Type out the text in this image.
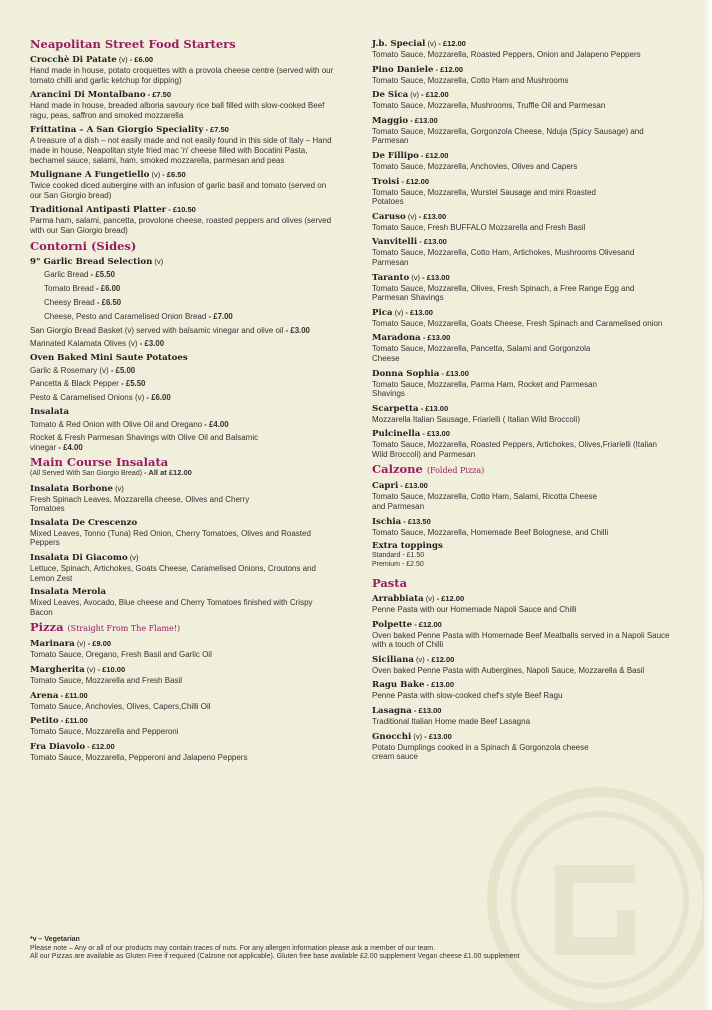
Neapolitan Street Food Starters
Crocchè Di Patate (v) - £6.00
Hand made in house, potato croquettes with a provola cheese centre (served with our tomato chilli and garlic ketchup for dipping)
Arancini Di Montalbano - £7.50
Hand made in house, breaded alboria savoury rice ball filled with slow-cooked Beef ragu, peas, saffron and smoked mozzarella
Frittatina – A San Giorgio Speciality - £7.50
A treasure of a dish – not easily made and not easily found in this side of Italy – Hand made in house, Neapolitan style fried mac 'n' cheese filled with Bocatini Pasta, bechamel sauce, salami, ham, smoked mozzarella, parmesan and peas
Mulignane A Fungetiello (v) - £6.50
Twice cooked diced aubergine with an infusion of garlic basil and tomato (served on our San Giorgio bread)
Traditional Antipasti Platter - £10.50
Parma ham, salami, pancetta, provolone cheese, roasted peppers and olives (served with our San Giorgio bread)
Contorni (Sides)
9" Garlic Bread Selection (v)
Garlic Bread - £5.50
Tomato Bread - £6.00
Cheesy Bread - £6.50
Cheese, Pesto and Caramelised Onion Bread - £7.00
San Giorgio Bread Basket (v) served with balsamic vinegar and olive oil - £3.00
Marinated Kalamata Olives (v) - £3.00
Oven Baked Mini Saute Potatoes
Garlic & Rosemary (v) - £5.00
Pancetta & Black Pepper - £5.50
Pesto & Caramelised Onions (v) - £6.00
Insalata
Tomato & Red Onion with Olive Oil and Oregano - £4.00
Rocket & Fresh Parmesan Shavings with Olive Oil and Balsamic vinegar - £4.00
Main Course Insalata
(All Served With San Giorgio Bread) - All at £12.00
Insalata Borbone (v)
Fresh Spinach Leaves, Mozzarella cheese, Olives and Cherry Tomatoes
Insalata De Crescenzo
Mixed Leaves, Tonno (Tuna) Red Onion, Cherry Tomatoes, Olives and Roasted Peppers
Insalata Di Giacomo (v)
Lettuce, Spinach, Artichokes, Goats Cheese, Caramelised Onions, Croutons and Lemon Zest
Insalata Merola
Mixed Leaves, Avocado, Blue cheese and Cherry Tomatoes finished with Crispy Bacon
Pizza (Straight From The Flame!)
Marinara (v) - £9.00
Tomato Sauce, Oregano, Fresh Basil and Garlic Oil
Margherita (v) - £10.00
Tomato Sauce, Mozzarella and Fresh Basil
Arena - £11.00
Tomato Sauce, Anchovies, Olives, Capers,Chilli Oil
Petito - £11.00
Tomato Sauce, Mozzarella and Pepperoni
Fra Diavolo - £12.00
Tomato Sauce, Mozzarella, Pepperoni and Jalapeno Peppers
J.b. Special (v) - £12.00
Tomato Sauce, Mozzarella, Roasted Peppers, Onion and Jalapeno Peppers
Pino Daniele - £12.00
Tomato Sauce, Mozzarella, Cotto Ham and Mushrooms
De Sica (v) - £12.00
Tomato Sauce, Mozzarella, Mushrooms, Truffle Oil and Parmesan
Maggio - £13.00
Tomato Sauce, Mozzarella, Gorgonzola Cheese, Nduja (Spicy Sausage) and Parmesan
De Fillipo - £12.00
Tomato Sauce, Mozzarella, Anchovies, Olives and Capers
Troisi - £12.00
Tomato Sauce, Mozzarella, Wurstel Sausage and mini Roasted Potatoes
Caruso (v) - £13.00
Tomato Sauce, Fresh BUFFALO Mozzarella and Fresh Basil
Vanvitelli - £13.00
Tomato Sauce, Mozzarella, Cotto Ham, Artichokes, Mushrooms Olivesand Parmesan
Taranto (v) - £13.00
Tomato Sauce, Mozzarella, Olives, Fresh Spinach, a Free Range Egg and Parmesan Shavings
Pica (v) - £13.00
Tomato Sauce, Mozzarella, Goats Cheese, Fresh Spinach and Caramelised onion
Maradona - £13.00
Tomato Sauce, Mozzarella, Pancetta, Salami and Gorgonzola Cheese
Donna Sophia - £13.00
Tomato Sauce, Mozzarella, Parma Ham, Rocket and Parmesan Shavings
Scarpetta - £13.00
Mozzarella Italian Sausage, Friarielli ( Italian Wild Broccoli)
Pulcinella - £13.00
Tomato Sauce, Mozzarella, Roasted Peppers, Artichokes, Olives,Friarielli (Italian Wild Broccoli) and Parmesan
Calzone (Folded Pizza)
Capri - £13.00
Tomato Sauce, Mozzarella, Cotto Ham, Salami, Ricotta Cheese and Parmesan
Ischia - £13.50
Tomato Sauce, Mozzarella, Homemade Beef Bolognese, and Chilli
Extra toppings
Standard - £1.50
Premium - £2.50
Pasta
Arrabbiata (v) - £12.00
Penne Pasta with our Homemade Napoli Sauce and Chilli
Polpette - £12.00
Oven baked Penne Pasta with Homemade Beef Meatballs served in a Napoli Sauce with a touch of Chilli
Siciliana (v) - £12.00
Oven baked Penne Pasta with Aubergines, Napoli Sauce, Mozzarella & Basil
Ragu Bake - £13.00
Penne Pasta with slow-cooked chef's style Beef Ragu
Lasagna - £13.00
Traditional Italian Home made Beef Lasagna
Gnocchi (v) - £13.00
Potato Dumplings cooked in a Spinach & Gorgonzola cheese cream sauce
*v – Vegetarian
Please note – Any or all of our products may contain traces of nuts. For any allergen information please ask a member of our team.
All our Pizzas are available as Gluten Free if required (Calzone not applicable). Gluten free base available £2.00 supplement Vegan cheese £1.00 supplement
